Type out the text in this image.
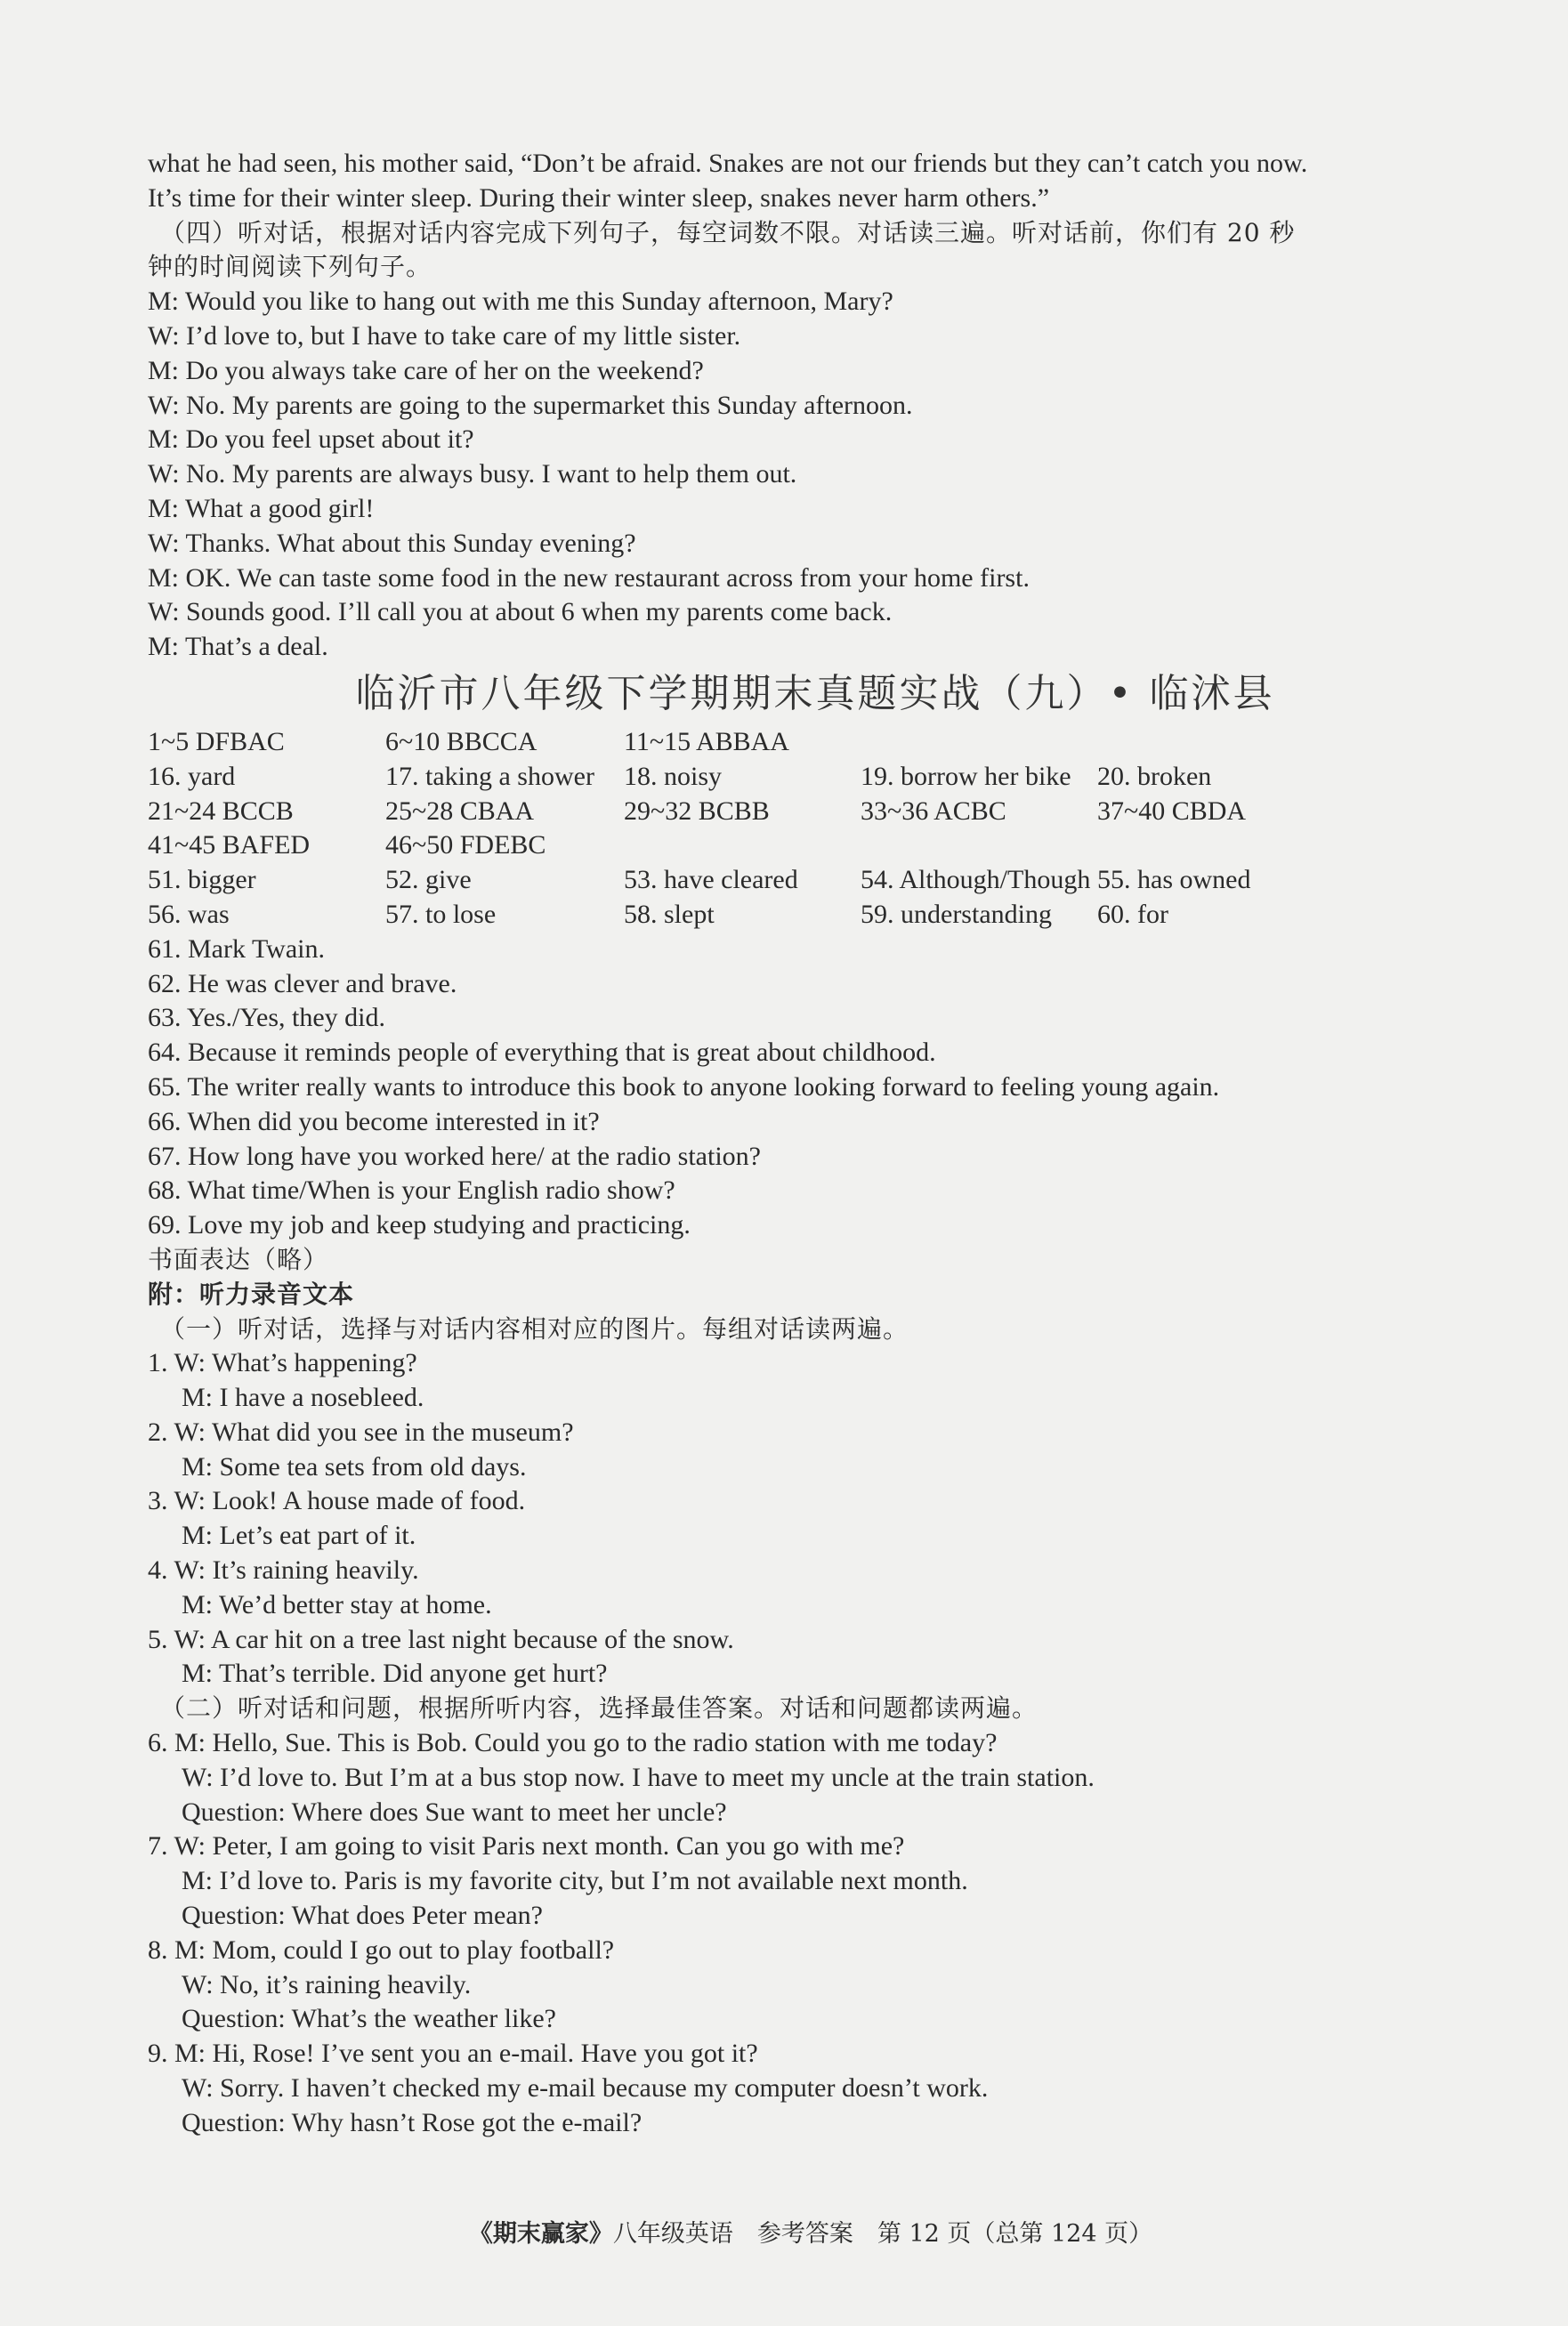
what he had seen, his mother said, “Don’t be afraid. Snakes are not our friends but they can’t catch you now.
It’s time for their winter sleep. During their winter sleep, snakes never harm others.”
（四）听对话，根据对话内容完成下列句子，每空词数不限。对话读三遍。听对话前，你们有 20 秒
钟的时间阅读下列句子。
M: Would you like to hang out with me this Sunday afternoon, Mary?
W: I’d love to, but I have to take care of my little sister.
M: Do you always take care of her on the weekend?
W: No. My parents are going to the supermarket this Sunday afternoon.
M: Do you feel upset about it?
W: No. My parents are always busy. I want to help them out.
M: What a good girl!
W: Thanks. What about this Sunday evening?
M: OK. We can taste some food in the new restaurant across from your home first.
W: Sounds good. I’ll call you at about 6 when my parents come back.
M: That’s a deal.
临沂市八年级下学期期末真题实战（九）• 临沭县
1~5 DFBAC	6~10 BBCCA	11~15 ABBAA
16. yard	17. taking a shower	18. noisy	19. borrow her bike 20. broken
21~24 BCCB	25~28 CBAA	29~32 BCBB	33~36 ACBC	37~40 CBDA
41~45 BAFED	46~50 FDEBC
51. bigger	52. give	53. have cleared	54. Although/Though 55. has owned
56. was	57. to lose	58. slept	59. understanding	60. for
61. Mark Twain.
62. He was clever and brave.
63. Yes./Yes, they did.
64. Because it reminds people of everything that is great about childhood.
65. The writer really wants to introduce this book to anyone looking forward to feeling young again.
66. When did you become interested in it?
67. How long have you worked here/ at the radio station?
68. What time/When is your English radio show?
69. Love my job and keep studying and practicing.
书面表达（略）
附：听力录音文本
（一）听对话，选择与对话内容相对应的图片。每组对话读两遍。
1. W: What’s happening?
M: I have a nosebleed.
2. W: What did you see in the museum?
M: Some tea sets from old days.
3. W: Look! A house made of food.
M: Let’s eat part of it.
4. W: It’s raining heavily.
M: We’d better stay at home.
5. W: A car hit on a tree last night because of the snow.
M: That’s terrible. Did anyone get hurt?
（二）听对话和问题，根据所听内容，选择最佳答案。对话和问题都读两遍。
6. M: Hello, Sue. This is Bob. Could you go to the radio station with me today?
W: I’d love to. But I’m at a bus stop now. I have to meet my uncle at the train station.
Question: Where does Sue want to meet her uncle?
7. W: Peter, I am going to visit Paris next month. Can you go with me?
M: I’d love to. Paris is my favorite city, but I’m not available next month.
Question: What does Peter mean?
8. M: Mom, could I go out to play football?
W: No, it’s raining heavily.
Question: What’s the weather like?
9. M: Hi, Rose! I’ve sent you an e-mail. Have you got it?
W: Sorry. I haven’t checked my e-mail because my computer doesn’t work.
Question: Why hasn’t Rose got the e-mail?
《期末赢家》八年级英语　参考答案　第 12 页（总第 124 页）
